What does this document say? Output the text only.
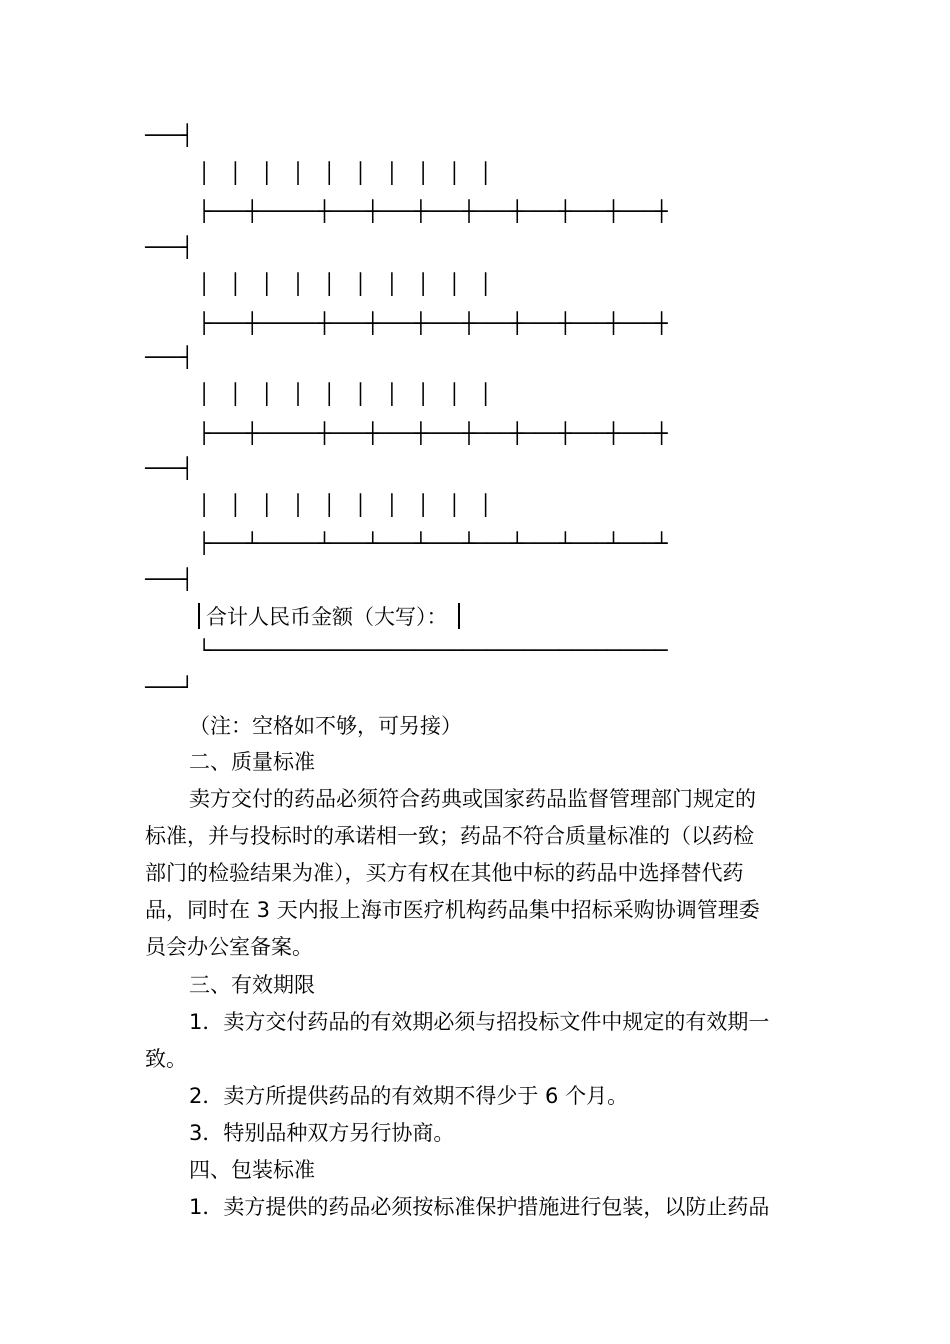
───┤
│ │ │ │ │ │ │ │ │ │
├───┼─────┼───┼───┼───┼───┼───┼───┼───┼
───┤
│ │ │ │ │ │ │ │ │ │
├───┼─────┼───┼───┼───┼───┼───┼───┼───┼
───┤
│ │ │ │ │ │ │ │ │ │
├───┼─────┼───┼───┼───┼───┼───┼───┼───┼
───┤
│ │ │ │ │ │ │ │ │ │
├───┴─────┴───┴───┴───┴───┴───┴───┴───┴
───┤
合计人民币金额（大写）：
└──────────────────────────────────────
───┘
（注：空格如不够，可另接）
二、质量标准
卖方交付的药品必须符合药典或国家药品监督管理部门规定的
标准，并与投标时的承诺相一致；药品不符合质量标准的（以药检
部门的检验结果为准），买方有权在其他中标的药品中选择替代药
品，同时在 3 天内报上海市医疗机构药品集中招标采购协调管理委
员会办公室备案。
三、有效期限
1．卖方交付药品的有效期必须与招投标文件中规定的有效期一
致。
2．卖方所提供药品的有效期不得少于 6 个月。
3．特别品种双方另行协商。
四、包装标准
1．卖方提供的药品必须按标准保护措施进行包装，以防止药品
